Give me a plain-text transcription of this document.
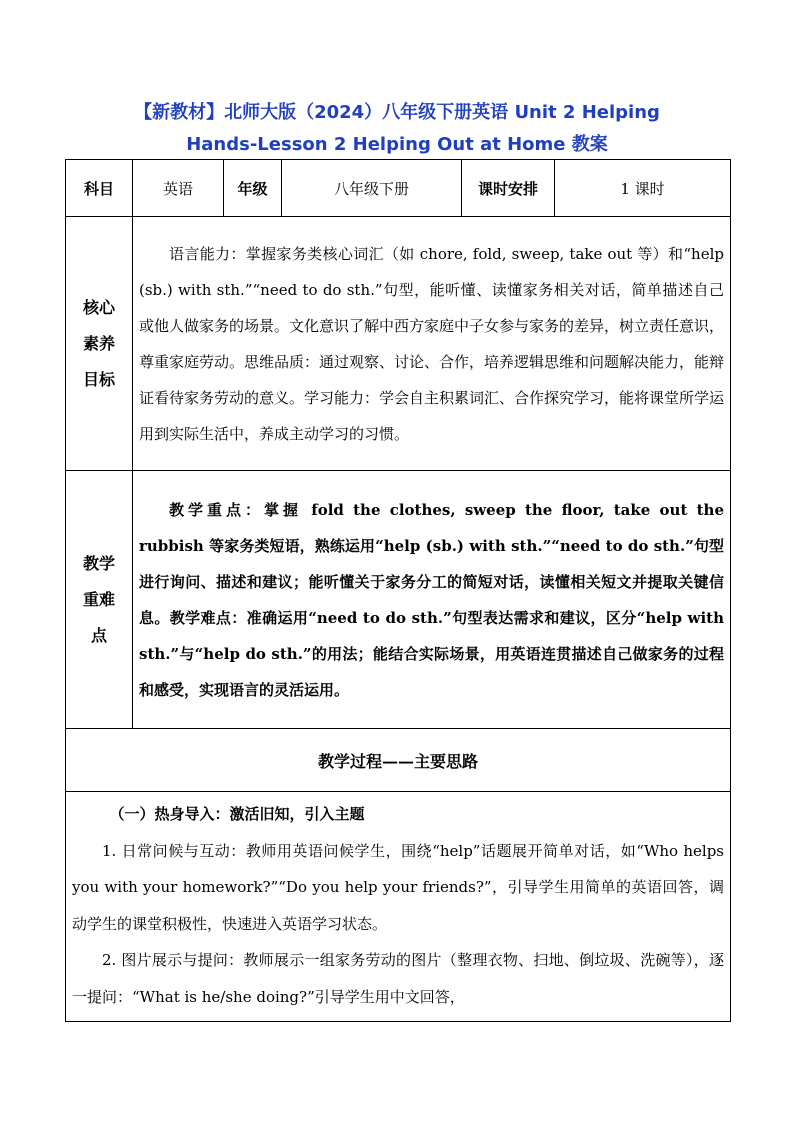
【新教材】北师大版（2024）八年级下册英语 Unit 2 Helping
Hands-Lesson 2 Helping Out at Home 教案
科目	英语	年级	八年级下册	课时安排	1 课时

核心素养目标	语言能力：掌握家务类核心词汇（如 chore, fold, sweep, take out 等）和“help (sb.) with sth.”“need to do sth.”句型，能听懂、读懂家务相关对话，简单描述自己或他人做家务的场景。文化意识了解中西方家庭中子女参与家务的差异，树立责任意识，尊重家庭劳动。思维品质：通过观察、讨论、合作，培养逻辑思维和问题解决能力，能辩证看待家务劳动的意义。学习能力：学会自主积累词汇、合作探究学习，能将课堂所学运用到实际生活中，养成主动学习的习惯。				

教学重难点	教学重点：掌握 fold the clothes, sweep the floor, take out the rubbish 等家务类短语，熟练运用“help (sb.) with sth.”“need to do sth.”句型进行询问、描述和建议；能听懂关于家务分工的简短对话，读懂相关短文并提取关键信息。教学难点：准确运用“need to do sth.”句型表达需求和建议，区分“help with sth.”与“help do sth.”的用法；能结合实际场景，用英语连贯描述自己做家务的过程和感受，实现语言的灵活运用。				
教学过程——主要思路					

（一）热身导入：激活旧知，引入主题

1. 日常问候与互动：教师用英语问候学生，围绕“help”话题展开简单对话，如“Who helps you with your homework?”“Do you help your friends?”，引导学生用简单的英语回答，调动学生的课堂积极性，快速进入英语学习状态。

2. 图片展示与提问：教师展示一组家务劳动的图片（整理衣物、扫地、倒垃圾、洗碗等），逐一提问：“What is he/she doing?”引导学生用中文回答，					
